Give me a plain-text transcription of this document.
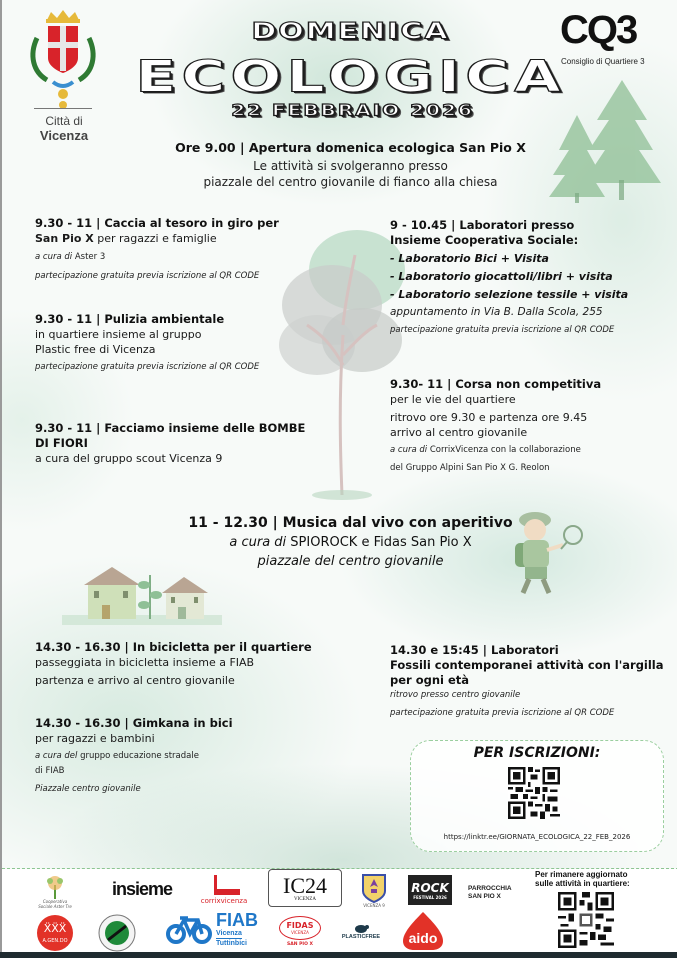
Città di
Vicenza
DOMENICA
ECOLOGICA
22 FEBBRAIO 2026
CQ3
Consiglio di Quartiere 3
Ore 9.00 | Apertura domenica ecologica San Pio X
Le attività si svolgeranno presso
piazzale del centro giovanile di fianco alla chiesa
9.30 - 11 | Caccia al tesoro in giro per
San Pio X per ragazzi e famiglie
a cura di Aster 3
partecipazione gratuita previa iscrizione al QR CODE
9.30 - 11 | Pulizia ambientale
in quartiere insieme al gruppo
Plastic free di Vicenza
partecipazione gratuita previa iscrizione al QR CODE
9.30 - 11 | Facciamo insieme delle BOMBE
DI FIORI
a cura del gruppo scout Vicenza 9
9 - 10.45 | Laboratori presso
Insieme Cooperativa Sociale:
- Laboratorio Bici + Visita
- Laboratorio giocattoli/libri + visita
- Laboratorio selezione tessile + visita
appuntamento in Via B. Dalla Scola, 255
partecipazione gratuita previa iscrizione al QR CODE
9.30- 11 | Corsa non competitiva
per le vie del quartiere
ritrovo ore 9.30 e partenza ore 9.45
arrivo al centro giovanile
a cura di CorrixVicenza con la collaborazione
del Gruppo Alpini San Pio X G. Reolon
11 - 12.30 | Musica dal vivo con aperitivo
a cura di SPIOROCK e Fidas San Pio X
piazzale del centro giovanile
14.30 - 16.30 | In bicicletta per il quartiere
passeggiata in bicicletta insieme a FIAB
partenza e arrivo al centro giovanile
14.30 - 16.30 | Gimkana in bici
per ragazzi e bambini
a cura del gruppo educazione stradale
di FIAB
Piazzale centro giovanile
14.30 e 15:45 | Laboratori
Fossili contemporanei attività con l'argilla
per ogni età
ritrovo presso centro giovanile
partecipazione gratuita previa iscrizione al QR CODE
PER ISCRIZIONI:
https://linktr.ee/GIORNATA_ECOLOGICA_22_FEB_2026
Cooperativa Sociale Aster Tre
insieme
corrixvicenza
IC24
VICENZA
VICENZA 9
ROCK
FESTIVAL 2026
PARROCCHIA
SAN PIO X
Per rimanere aggiornato
sulle attività in quartiere:
ẌẌẌ
A.GEN.DO
FIAB
Vicenza
Tuttinbici
FIDAS
VICENZA
SAN PIO X
PLASTICFREE aido
